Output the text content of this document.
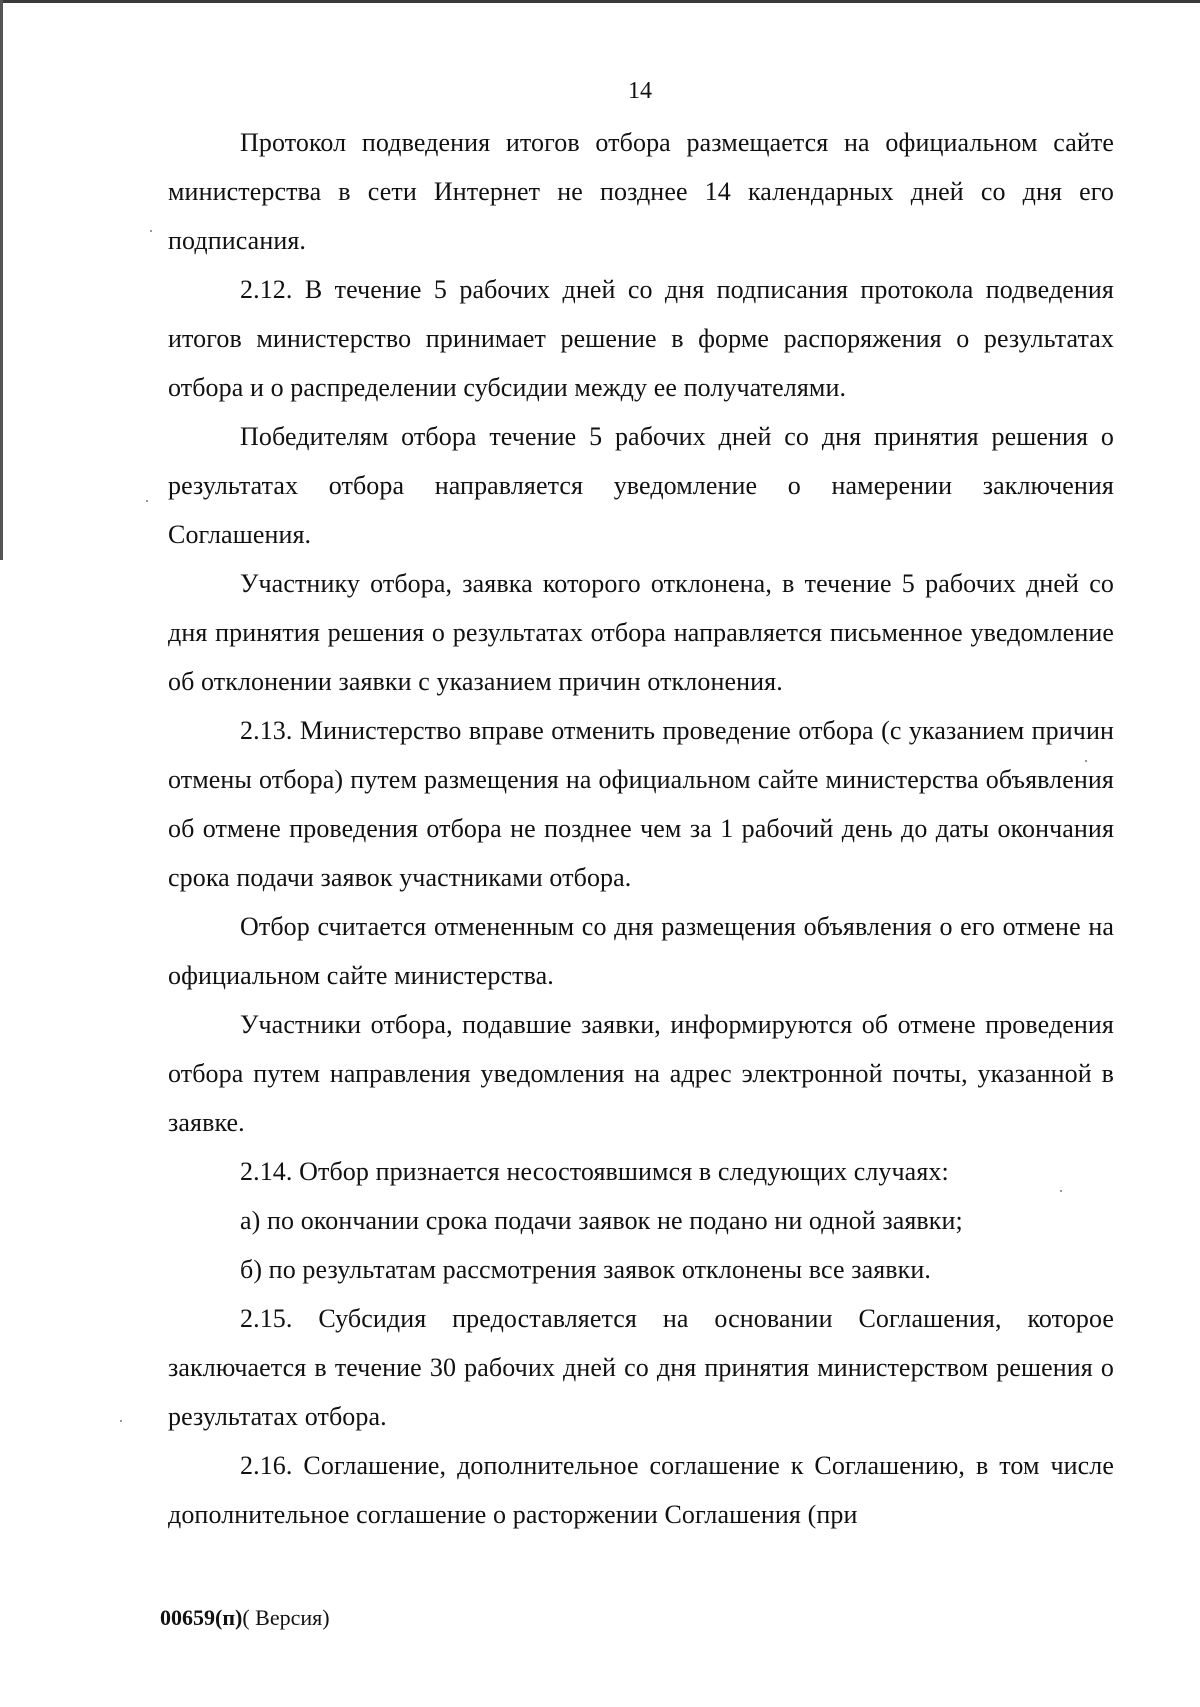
14

Протокол подведения итогов отбора размещается на официальном сайте министерства в сети Интернет не позднее 14 календарных дней со дня его подписания.

2.12. В течение 5 рабочих дней со дня подписания протокола подведения итогов министерство принимает решение в форме распоряжения о результатах отбора и о распределении субсидии между ее получателями.

Победителям отбора течение 5 рабочих дней со дня принятия решения о результатах отбора направляется уведомление о намерении заключения Соглашения.

Участнику отбора, заявка которого отклонена, в течение 5 рабочих дней со дня принятия решения о результатах отбора направляется письменное уведомление об отклонении заявки с указанием причин отклонения.

2.13. Министерство вправе отменить проведение отбора (с указанием причин отмены отбора) путем размещения на официальном сайте министерства объявления об отмене проведения отбора не позднее чем за 1 рабочий день до даты окончания срока подачи заявок участниками отбора.

Отбор считается отмененным со дня размещения объявления о его отмене на официальном сайте министерства.

Участники отбора, подавшие заявки, информируются об отмене проведения отбора путем направления уведомления на адрес электронной почты, указанной в заявке.

2.14. Отбор признается несостоявшимся в следующих случаях:

а) по окончании срока подачи заявок не подано ни одной заявки;

б) по результатам рассмотрения заявок отклонены все заявки.

2.15. Субсидия предоставляется на основании Соглашения, которое заключается в течение 30 рабочих дней со дня принятия министерством решения о результатах отбора.

2.16. Соглашение, дополнительное соглашение к Соглашению, в том числе дополнительное соглашение о расторжении Соглашения (при

00659(п)( Версия)
